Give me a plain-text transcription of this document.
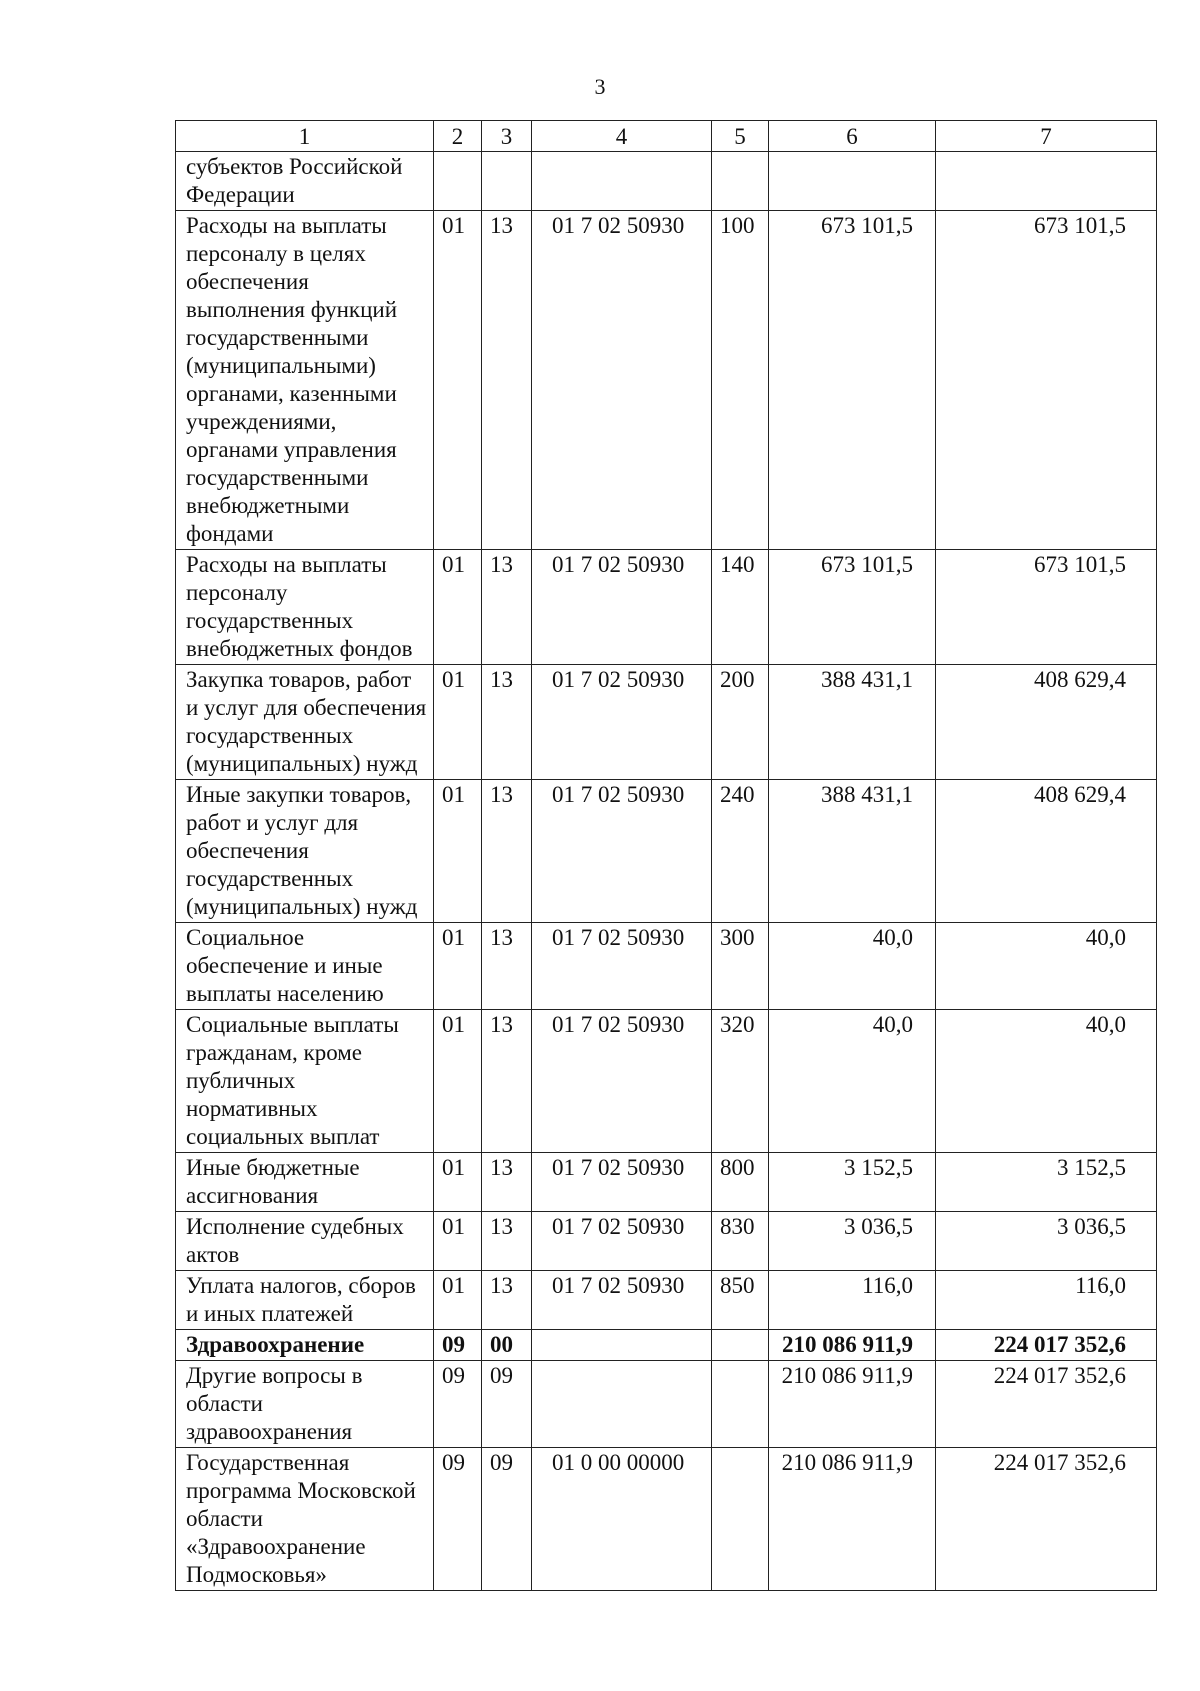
3
1	2	3	4	5	6	7
субъектов Российской Федерации						
Расходы на выплаты персоналу в целях обеспечения выполнения функций государственными (муниципальными) органами, казенными учреждениями, органами управления государственными внебюджетными фондами	01	13	01 7 02 50930	100	673 101,5	673 101,5
Расходы на выплаты персоналу государственных внебюджетных фондов	01	13	01 7 02 50930	140	673 101,5	673 101,5
Закупка товаров, работ и услуг для обеспечения государственных (муниципальных) нужд	01	13	01 7 02 50930	200	388 431,1	408 629,4
Иные закупки товаров, работ и услуг для обеспечения государственных (муниципальных) нужд	01	13	01 7 02 50930	240	388 431,1	408 629,4
Социальное обеспечение и иные выплаты населению	01	13	01 7 02 50930	300	40,0	40,0
Социальные выплаты гражданам, кроме публичных нормативных социальных выплат	01	13	01 7 02 50930	320	40,0	40,0
Иные бюджетные ассигнования	01	13	01 7 02 50930	800	3 152,5	3 152,5
Исполнение судебных актов	01	13	01 7 02 50930	830	3 036,5	3 036,5
Уплата налогов, сборов и иных платежей	01	13	01 7 02 50930	850	116,0	116,0
Здравоохранение	09	00			210 086 911,9	224 017 352,6
Другие вопросы в области здравоохранения	09	09			210 086 911,9	224 017 352,6
Государственная программа Московской области «Здравоохранение Подмосковья»	09	09	01 0 00 00000		210 086 911,9	224 017 352,6
